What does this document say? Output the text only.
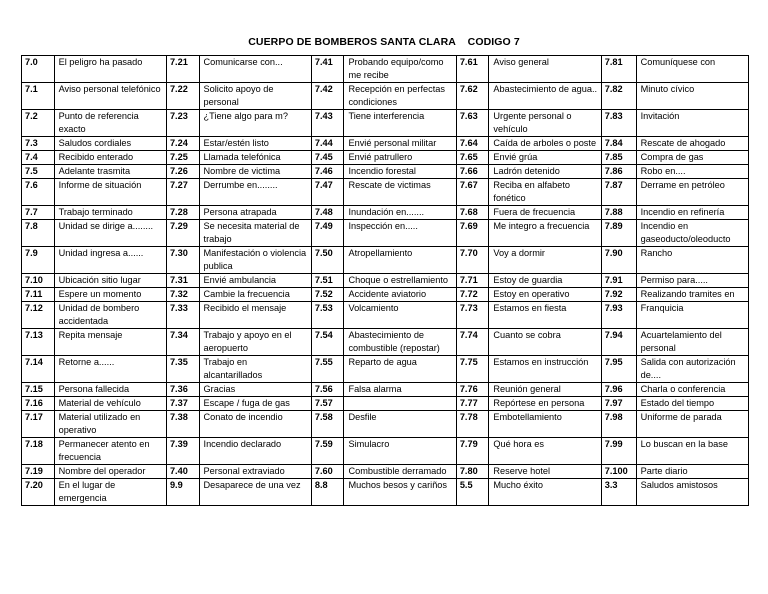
CUERPO DE BOMBEROS SANTA CLARA    CODIGO 7
7.0	El peligro ha pasado	7.21	Comunicarse con...	7.41	Probando equipo/como me recibe	7.61	Aviso general	7.81	Comuníquese con
7.1	Aviso personal telefónico	7.22	Solicito apoyo de personal	7.42	Recepción en perfectas condiciones	7.62	Abastecimiento de agua..	7.82	Minuto cívico
7.2	Punto de referencia exacto	7.23	¿Tiene algo para m?	7.43	Tiene interferencia	7.63	Urgente personal o vehículo	7.83	Invitación
7.3	Saludos cordiales	7.24	Estar/estén listo	7.44	Envié personal militar	7.64	Caída de arboles o poste	7.84	Rescate de ahogado
7.4	Recibido enterado	7.25	Llamada telefónica	7.45	Envié patrullero	7.65	Envié grúa	7.85	Compra de gas
7.5	Adelante trasmita	7.26	Nombre de victima	7.46	Incendio forestal	7.66	Ladrón detenido	7.86	Robo en....
7.6	Informe de situación	7.27	Derrumbe en........	7.47	Rescate de victimas	7.67	Reciba en alfabeto fonético	7.87	Derrame en petróleo
7.7	Trabajo terminado	7.28	Persona atrapada	7.48	Inundación en.......	7.68	Fuera de frecuencia	7.88	Incendio en refinería
7.8	Unidad se dirige a........	7.29	Se necesita material de trabajo	7.49	Inspección en.....	7.69	Me integro a frecuencia	7.89	Incendio en gaseoducto/oleoducto
7.9	Unidad ingresa a......	7.30	Manifestación o violencia publica	7.50	Atropellamiento	7.70	Voy a dormir	7.90	Rancho
7.10	Ubicación sitio lugar	7.31	Envié ambulancia	7.51	Choque o estrellamiento	7.71	Estoy de guardia	7.91	Permiso para.....
7.11	Espere un momento	7.32	Cambie la frecuencia	7.52	Accidente aviatorio	7.72	Estoy en operativo	7.92	Realizando tramites en
7.12	Unidad de bombero accidentada	7.33	Recibido el mensaje	7.53	Volcamiento	7.73	Estamos en fiesta	7.93	Franquicia
7.13	Repita mensaje	7.34	Trabajo y apoyo en el aeropuerto	7.54	Abastecimiento de combustible (repostar)	7.74	Cuanto se cobra	7.94	Acuartelamiento del personal
7.14	Retorne a......	7.35	Trabajo en alcantarillados	7.55	Reparto de agua	7.75	Estamos en instrucción	7.95	Salida con autorización de....
7.15	Persona fallecida	7.36	Gracias	7.56	Falsa alarma	7.76	Reunión general	7.96	Charla o conferencia
7.16	Material de vehículo	7.37	Escape / fuga de gas	7.57		7.77	Repórtese en persona	7.97	Estado del tiempo
7.17	Material utilizado en operativo	7.38	Conato de incendio	7.58	Desfile	7.78	Embotellamiento	7.98	Uniforme de parada
7.18	Permanecer atento en frecuencia	7.39	Incendio declarado	7.59	Simulacro	7.79	Qué hora es	7.99	Lo buscan en la base
7.19	Nombre del operador	7.40	Personal extraviado	7.60	Combustible derramado	7.80	Reserve hotel	7.100	Parte diario
7.20	En el lugar de emergencia	9.9	Desaparece de una vez	8.8	Muchos besos y cariños	5.5	Mucho éxito	3.3	Saludos amistosos
